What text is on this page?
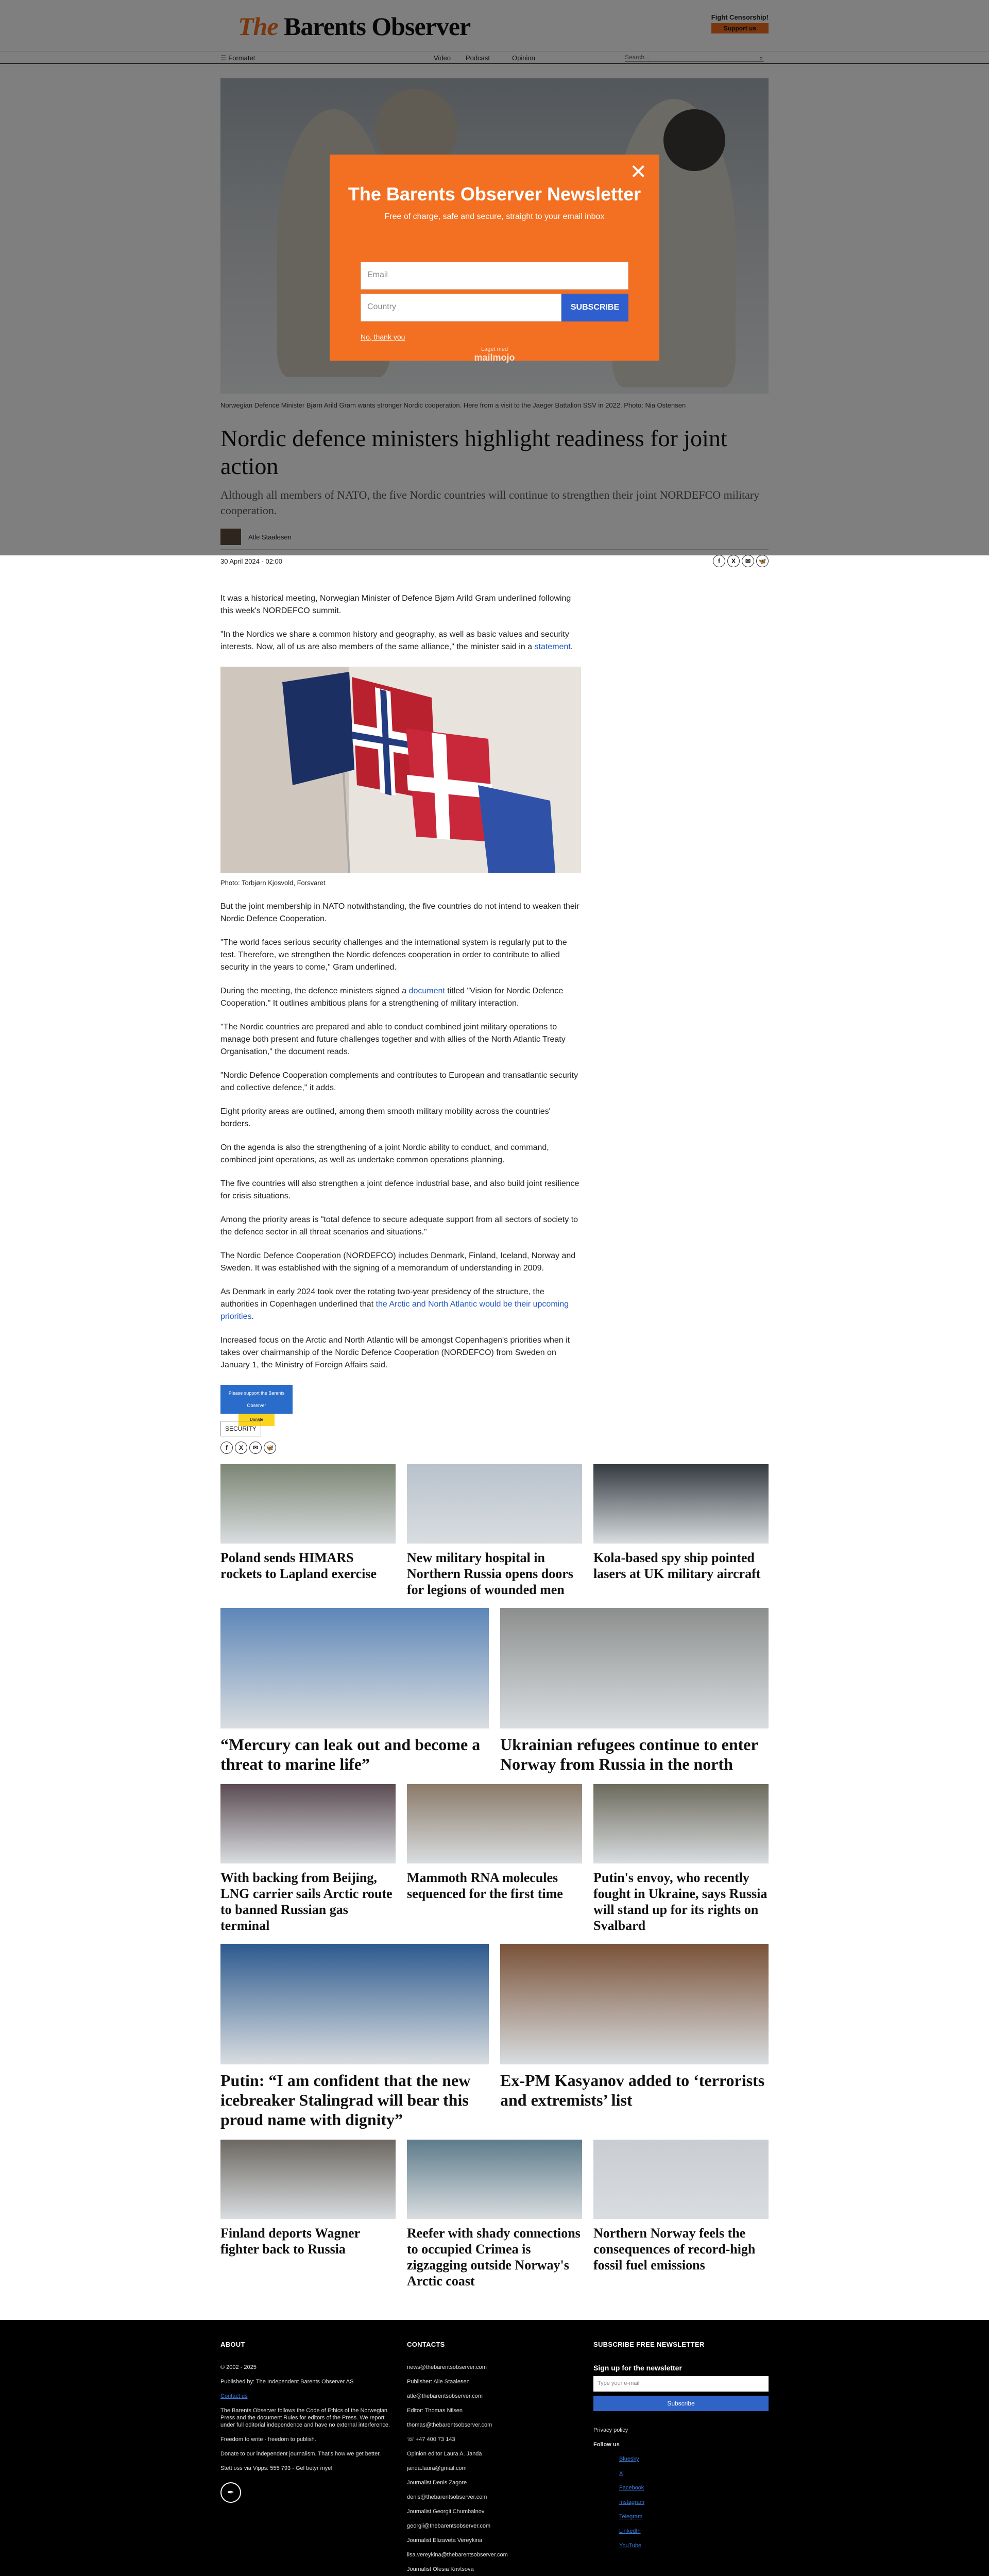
30 April 2024 - 02:00	f	X	✉	🦋
✕
The Barents Observer Newsletter

Free of charge, safe and secure, straight to your email inbox

Email
Country	SUBSCRIBE
No, thank you
Laget med
mailmojo

It was a historical meeting, Norwegian Minister of Defence Bjørn Arild Gram underlined following this week's NORDEFCO summit.

"In the Nordics we share a common history and geography, as well as basic values and security interests. Now, all of us are also members of the same alliance," the minister said in a statement.

Photo: Torbjørn Kjosvold, Forsvaret

But the joint membership in NATO notwithstanding, the five countries do not intend to weaken their Nordic Defence Cooperation.

"The world faces serious security challenges and the international system is regularly put to the test. Therefore, we strengthen the Nordic defences cooperation in order to contribute to allied security in the years to come," Gram underlined.

During the meeting, the defence ministers signed a document titled "Vision for Nordic Defence Cooperation." It outlines ambitious plans for a strengthening of military interaction.

"The Nordic countries are prepared and able to conduct combined joint military operations to manage both present and future challenges together and with allies of the North Atlantic Treaty Organisation," the document reads.

"Nordic Defence Cooperation complements and contributes to European and transatlantic security and collective defence," it adds.

Eight priority areas are outlined, among them smooth military mobility across the countries' borders.

On the agenda is also the strengthening of a joint Nordic ability to conduct, and command, combined joint operations, as well as undertake common operations planning.

The five countries will also strengthen a joint defence industrial base, and also build joint resilience for crisis situations.

Among the priority areas is "total defence to secure adequate support from all sectors of society to the defence sector in all threat scenarios and situations."

The Nordic Defence Cooperation (NORDEFCO) includes Denmark, Finland, Iceland, Norway and Sweden. It was established with the signing of a memorandum of understanding in 2009.

As Denmark in early 2024 took over the rotating two-year presidency of the structure, the authorities in Copenhagen underlined that the Arctic and North Atlantic would be their upcoming priorities.

Increased focus on the Arctic and North Atlantic will be amongst Copenhagen's priorities when it takes over chairmanship of the Nordic Defence Cooperation (NORDEFCO) from Sweden on January 1, the Ministry of Foreign Affairs said.

Please support the Barents Observer
Donate
SECURITY
f	X	✉	🦋
Poland sends HIMARS rockets to Lapland exercise
New military hospital in Northern Russia opens doors for legions of wounded men
Kola-based spy ship pointed lasers at UK military aircraft
“Mercury can leak out and become a threat to marine life”
Ukrainian refugees continue to enter Norway from Russia in the north
With backing from Beijing, LNG carrier sails Arctic route to banned Russian gas terminal
Mammoth RNA molecules sequenced for the first time
Putin's envoy, who recently fought in Ukraine, says Russia will stand up for its rights on Svalbard
Putin: “I am confident that the new icebreaker Stalingrad will bear this proud name with dignity”
Ex-PM Kasyanov added to ‘terrorists and extremists’ list
Finland deports Wagner fighter back to Russia
Reefer with shady connections to occupied Crimea is zigzagging outside Norway's Arctic coast
Northern Norway feels the consequences of record-high fossil fuel emissions
ABOUT
© 2002 - 2025
Published by: The Independent Barents Observer AS
Contact us
The Barents Observer follows the Code of Ethics of the Norwegian Press and the document Rules for editors of the Press. We report under full editorial independence and have no external interference.
Freedom to write - freedom to publish.
Donate to our independent journalism. That's how we get better.
Stett oss via Vipps: 555 793 - Gel betyr mye!
✒
CONTACTS
news@thebarentsobserver.com
Publisher: Alle Staalesen
atle@thebarentsobserver.com
Editor: Thomas Nilsen
thomas@thebarentsobserver.com
☏ +47 400 73 143
Opinion editor Laura A. Janda
janda.laura@gmail.com
Journalist Denis Zagore
denis@thebarentsobserver.com
Journalist Georgii Chumbalnov
georgii@thebarentsobserver.com
Journalist Elizaveta Vereykina
lisa.vereykina@thebarentsobserver.com
Journalist Olesia Krivtsova
SUBSCRIBE FREE NEWSLETTER
Sign up for the newsletter
Type your e-mail
Subscribe
Privacy policy
Follow us
Bluesky
X
Facebook
Instagram
Telegram
LinkedIn
YouTube
